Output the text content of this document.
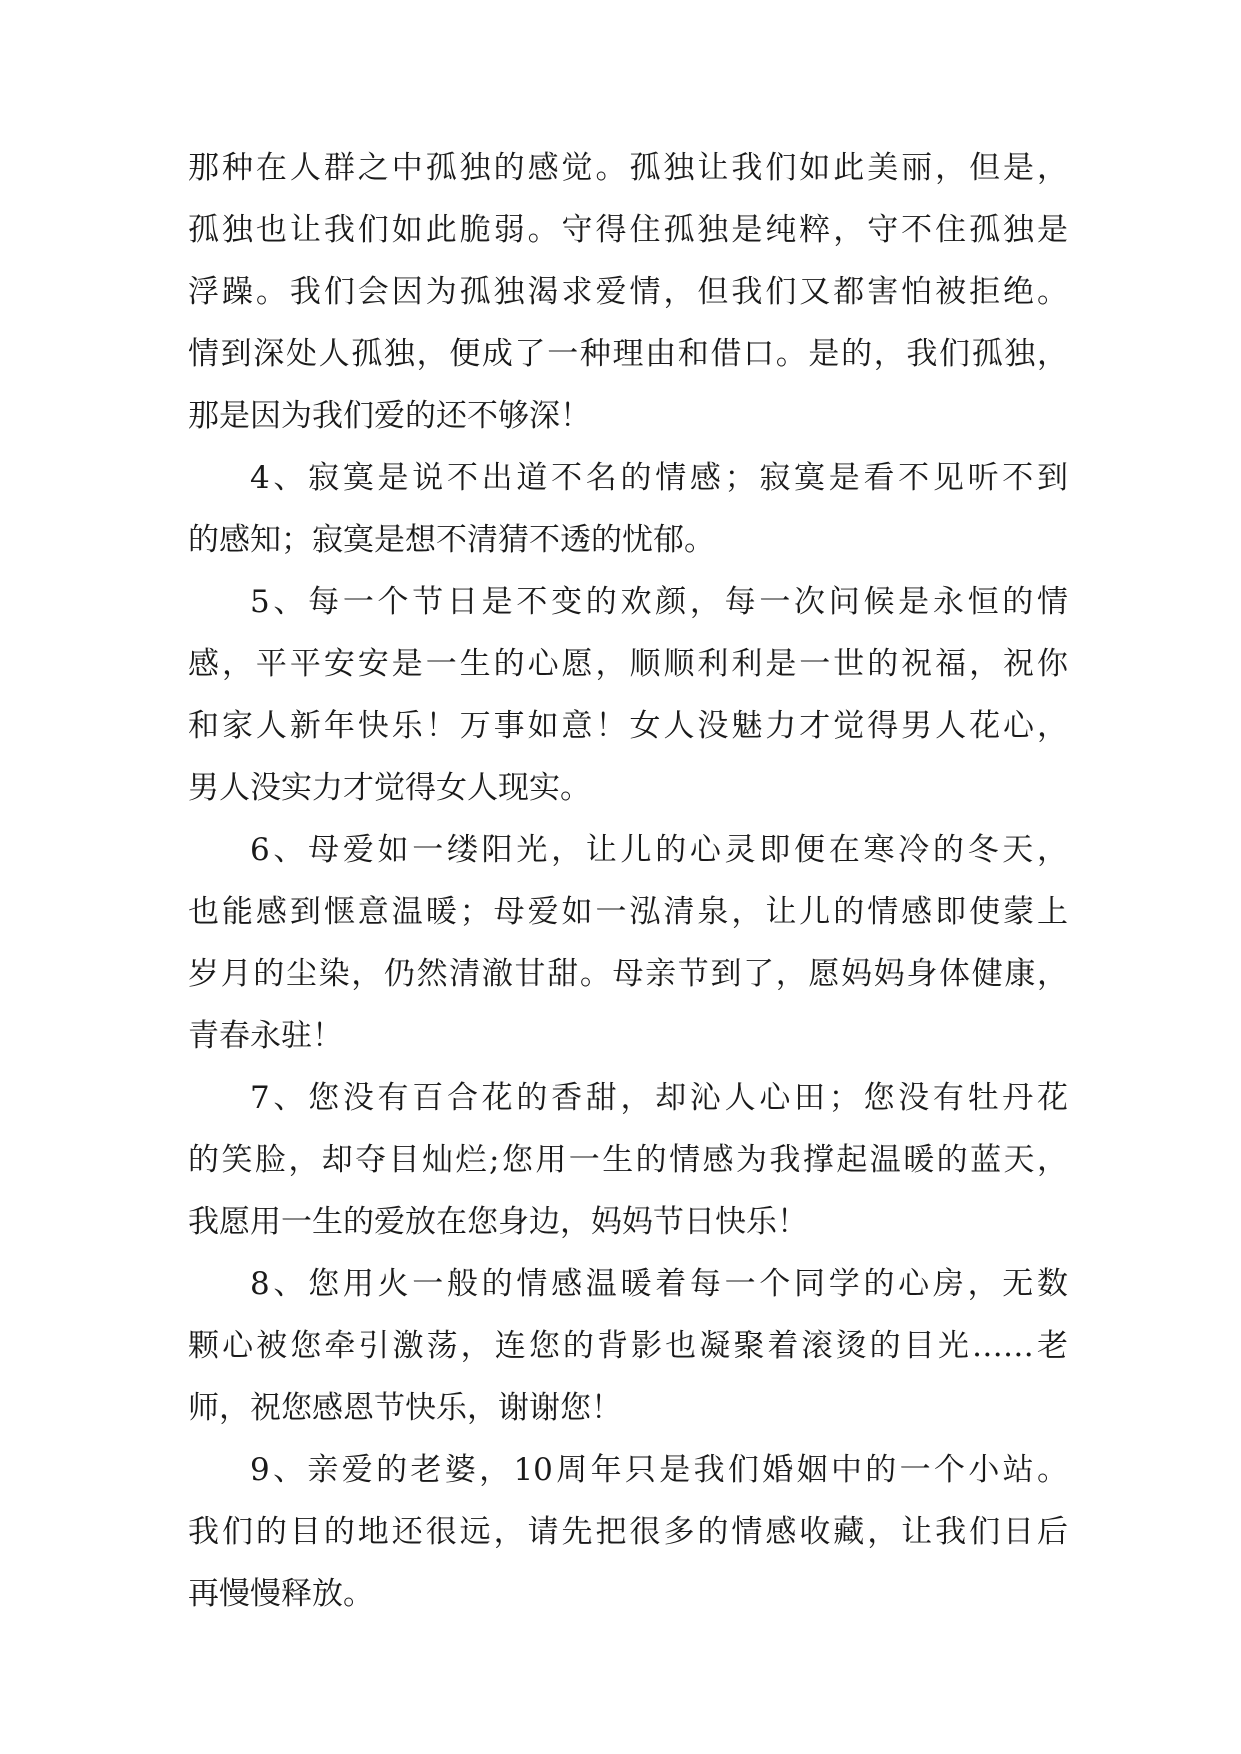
那种在人群之中孤独的感觉。孤独让我们如此美丽，但是，
孤独也让我们如此脆弱。守得住孤独是纯粹，守不住孤独是
浮躁。我们会因为孤独渴求爱情，但我们又都害怕被拒绝。
情到深处人孤独，便成了一种理由和借口。是的，我们孤独，
那是因为我们爱的还不够深！
4、寂寞是说不出道不名的情感；寂寞是看不见听不到
的感知；寂寞是想不清猜不透的忧郁。
5、每一个节日是不变的欢颜，每一次问候是永恒的情
感，平平安安是一生的心愿，顺顺利利是一世的祝福，祝你
和家人新年快乐！万事如意！女人没魅力才觉得男人花心，
男人没实力才觉得女人现实。
6、母爱如一缕阳光，让儿的心灵即便在寒冷的冬天，
也能感到惬意温暖；母爱如一泓清泉，让儿的情感即使蒙上
岁月的尘染，仍然清澈甘甜。母亲节到了，愿妈妈身体健康，
青春永驻！
7、您没有百合花的香甜，却沁人心田；您没有牡丹花
的笑脸，却夺目灿烂;您用一生的情感为我撑起温暖的蓝天，
我愿用一生的爱放在您身边，妈妈节日快乐！
8、您用火一般的情感温暖着每一个同学的心房，无数
颗心被您牵引激荡，连您的背影也凝聚着滚烫的目光……老
师，祝您感恩节快乐，谢谢您！
9、亲爱的老婆，10周年只是我们婚姻中的一个小站。
我们的目的地还很远，请先把很多的情感收藏，让我们日后
再慢慢释放。
